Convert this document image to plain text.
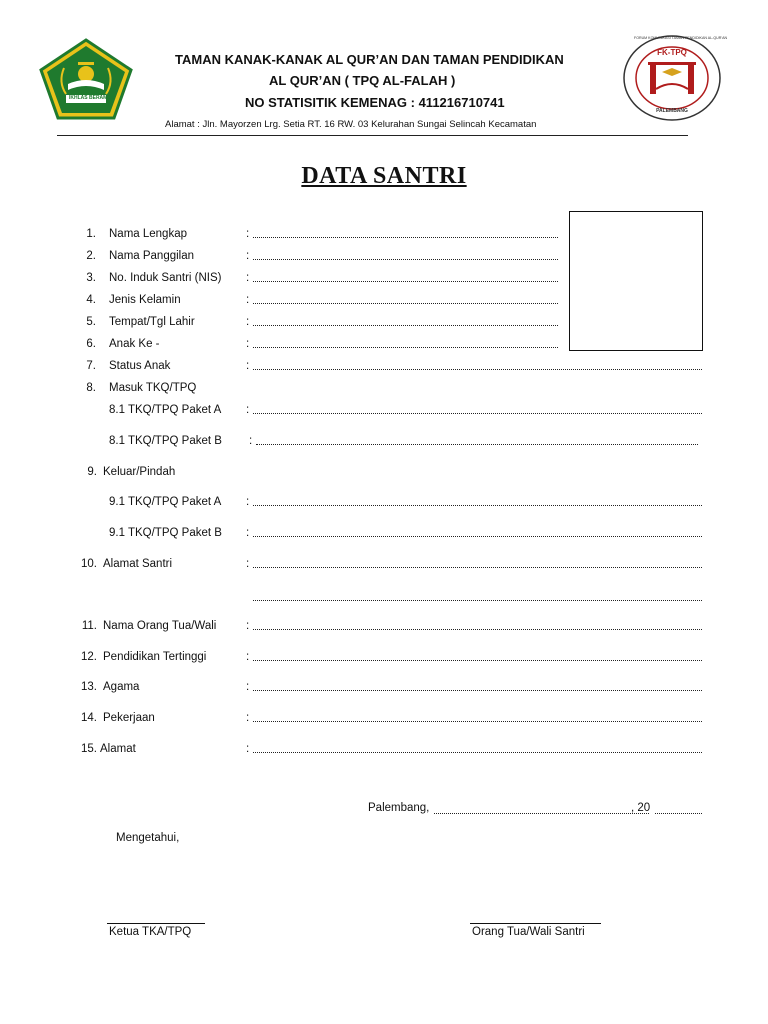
IKHLAS BERAMAL
FK-TPQ
PALEMBANG
FORUM KOMUNIKASI TAMAN PENDIDIKAN AL-QUR’AN
TAMAN KANAK-KANAK AL QUR’AN DAN TAMAN PENDIDIKAN
AL QUR’AN ( TPQ AL-FALAH )
NO STATISITIK KEMENAG : 411216710741
Alamat : Jln. Mayorzen Lrg. Setia RT. 16 RW. 03 Kelurahan Sungai Selincah Kecamatan
DATA SANTRI
1. Nama Lengkap	:
2. Nama Panggilan	:
3. No. Induk Santri (NIS) :
4. Jenis Kelamin	:
5. Tempat/Tgl Lahir	:
6. Anak Ke -	:
7. Status Anak	:
8. Masuk TKQ/TPQ
8.1 TKQ/TPQ Paket A :
8.1 TKQ/TPQ Paket B :
9. Keluar/Pindah
9.1 TKQ/TPQ Paket A :
9.1 TKQ/TPQ Paket B :
10. Alamat Santri	:
11. Nama Orang Tua/Wali	:
12. Pendidikan Tertinggi	:
13. Agama	:
14. Pekerjaan	:
15. Alamat	:
Palembang,	, 20
Mengetahui,
Ketua TKA/TPQ	Orang Tua/Wali Santri
